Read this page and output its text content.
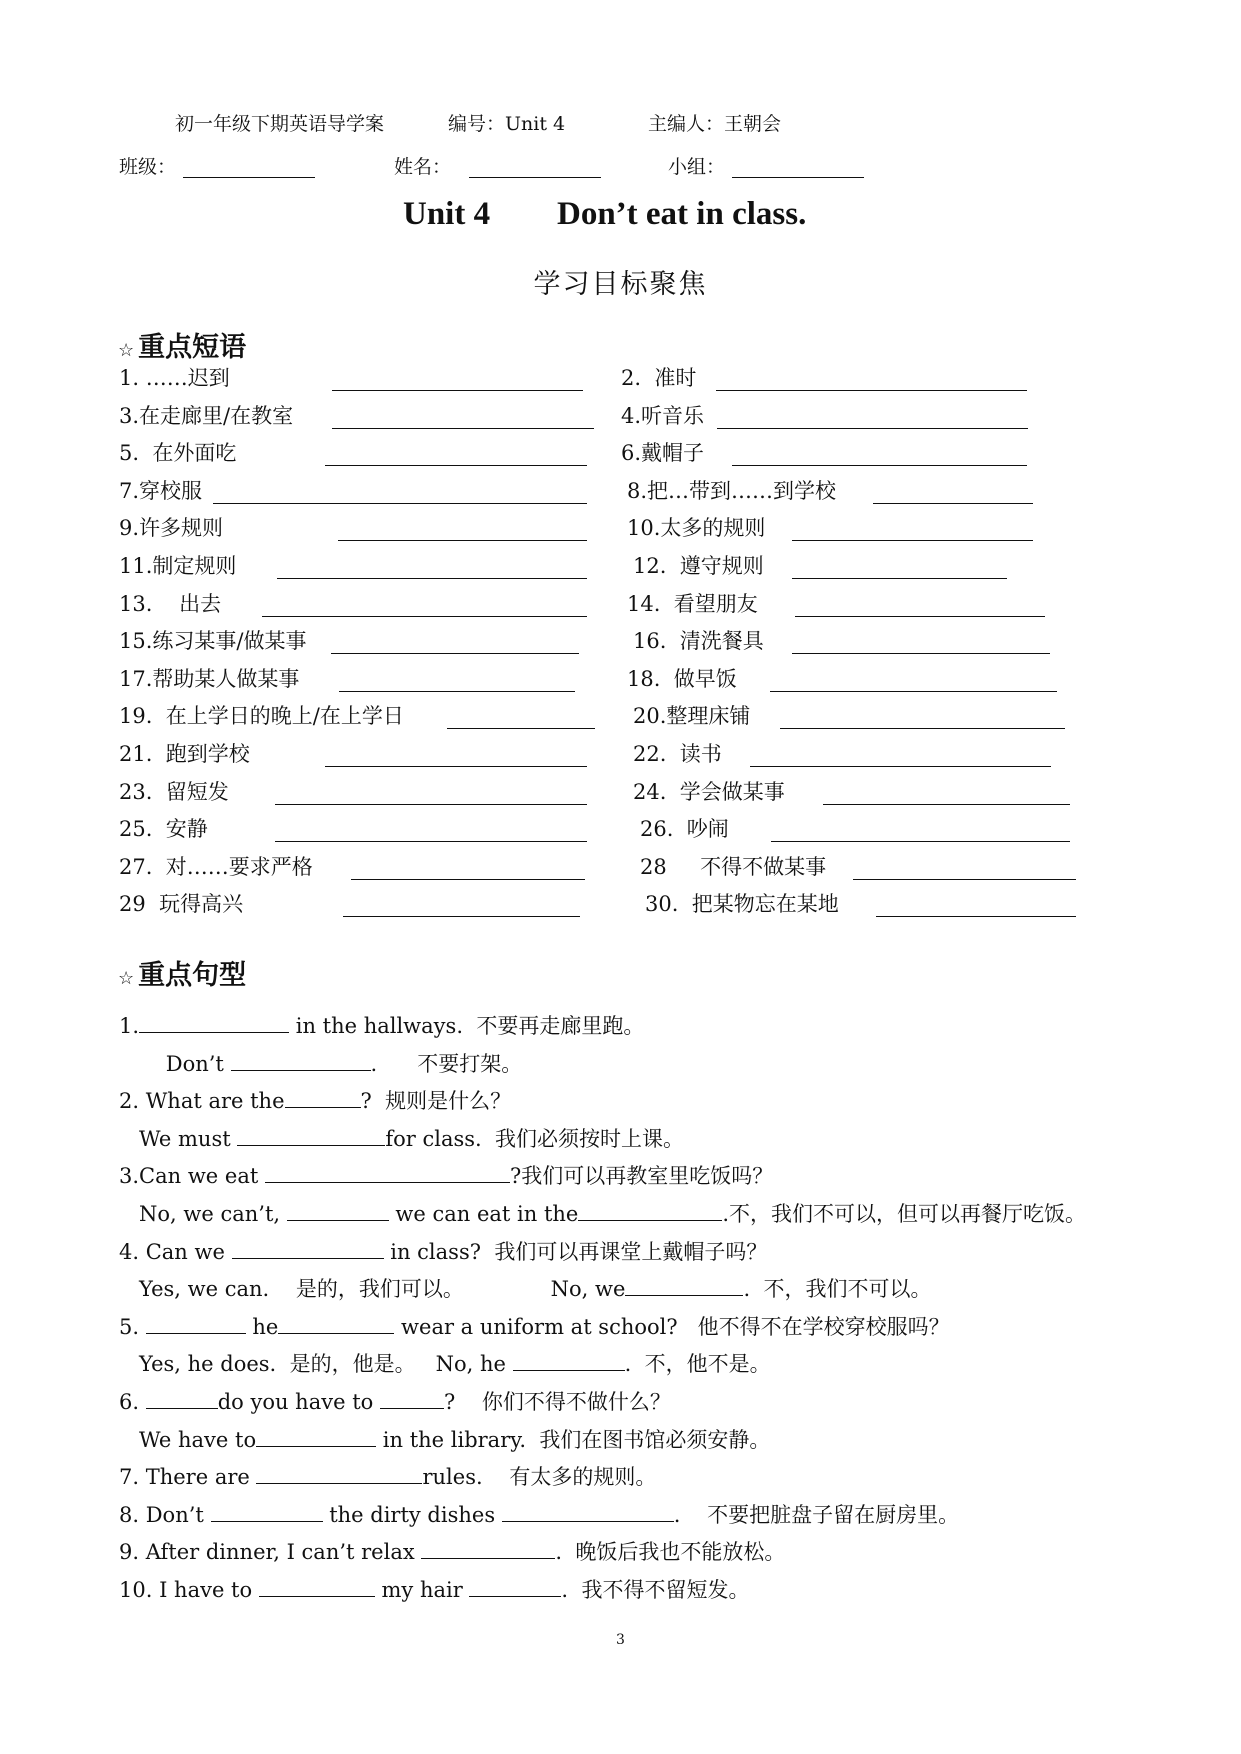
初一年级下期英语导学案	编号：Unit 4	主编人：王朝会
班级：	姓名：	小组：
Unit 4 Don’t eat in class.
学习目标聚焦
☆ 重点短语
1. ……迟到	2.  准时
3.在走廊里/在教室	4.听音乐
5.  在外面吃	6.戴帽子
7.穿校服	8.把…带到……到学校
9.许多规则	10.太多的规则
11.制定规则	12.  遵守规则
13.    出去	14.  看望朋友
15.练习某事/做某事	16.  清洗餐具
17.帮助某人做某事	18.  做早饭
19.  在上学日的晚上/在上学日	20.整理床铺
21.  跑到学校	22.  读书
23.  留短发	24.  学会做某事
25.  安静	26.  吵闹
27.  对……要求严格	28     不得不做某事
29  玩得高兴	30.  把某物忘在某地
☆ 重点句型
1.	in the hallways.  不要再走廊里跑。
Don’t	.      不要打架。
2. What are the	?  规则是什么？
We must	for class.  我们必须按时上课。
3.Can we eat	?我们可以再教室里吃饭吗？
No, we can’t,	we can eat in the	.不，我们不可以，但可以再餐厅吃饭。
4. Can we	in class?  我们可以再课堂上戴帽子吗？
Yes, we can.    是的，我们可以。             No, we	.  不，我们不可以。
5.	he	wear a uniform at school?   他不得不在学校穿校服吗？
Yes, he does.  是的，他是。   No, he	.  不，他不是。
6.	do you have to	?    你们不得不做什么？
We have to	in the library.  我们在图书馆必须安静。
7. There are	rules.    有太多的规则。
8. Don’t	the dirty dishes	.    不要把脏盘子留在厨房里。
9. After dinner, I can’t relax	.  晚饭后我也不能放松。
10. I have to	my hair	.  我不得不留短发。
3
